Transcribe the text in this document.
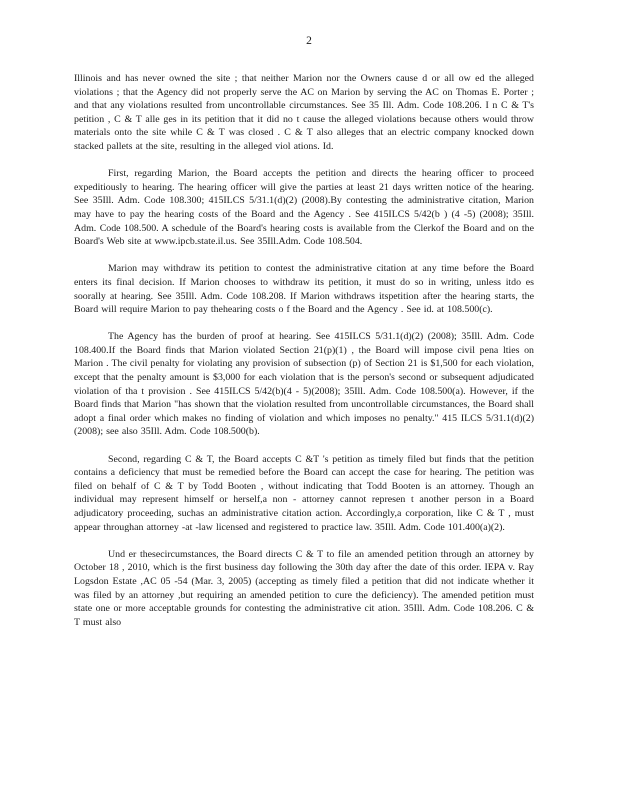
2

Illinois and has never owned the site ; that neither Marion nor the Owners cause d or all ow ed the alleged violations ; that the Agency did not properly serve the AC on Marion by serving the AC on Thomas E. Porter ; and that any violations resulted from uncontrollable circumstances. See 35 Ill. Adm. Code 108.206. I n C & T's petition , C & T alle ges in its petition that it did no t cause the alleged violations because others would throw materials onto the site while C & T was closed . C & T also alleges that an electric company knocked down stacked pallets at the site, resulting in the alleged viol ations. Id.

First, regarding Marion, the Board accepts the petition and directs the hearing officer to proceed expeditiously to hearing. The hearing officer will give the parties at least 21 days written notice of the hearing. See 35Ill. Adm. Code 108.300; 415ILCS 5/31.1(d)(2) (2008).By contesting the administrative citation, Marion may have to pay the hearing costs of the Board and the Agency . See 415ILCS 5/42(b ) (4 -5) (2008); 35Ill. Adm. Code 108.500. A schedule of the Board's hearing costs is available from the Clerkof the Board and on the Board's Web site at www.ipcb.state.il.us. See 35Ill.Adm. Code 108.504.

Marion may withdraw its petition to contest the administrative citation at any time before the Board enters its final decision. If Marion chooses to withdraw its petition, it must do so in writing, unless itdo es soorally at hearing. See 35Ill. Adm. Code 108.208. If Marion withdraws itspetition after the hearing starts, the Board will require Marion to pay thehearing costs o f the Board and the Agency . See id. at 108.500(c).

The Agency has the burden of proof at hearing. See 415ILCS 5/31.1(d)(2) (2008); 35Ill. Adm. Code 108.400.If the Board finds that Marion violated Section 21(p)(1) , the Board will impose civil pena lties on Marion . The civil penalty for violating any provision of subsection (p) of Section 21 is $1,500 for each violation, except that the penalty amount is $3,000 for each violation that is the person's second or subsequent adjudicated violation of tha t provision . See 415ILCS 5/42(b)(4 - 5)(2008); 35Ill. Adm. Code 108.500(a). However, if the Board finds that Marion "has shown that the violation resulted from uncontrollable circumstances, the Board shall adopt a final order which makes no finding of violation and which imposes no penalty." 415 ILCS 5/31.1(d)(2) (2008); see also 35Ill. Adm. Code 108.500(b).

Second, regarding C & T, the Board accepts C &T 's petition as timely filed but finds that the petition contains a deficiency that must be remedied before the Board can accept the case for hearing. The petition was filed on behalf of C & T by Todd Booten , without indicating that Todd Booten is an attorney. Though an individual may represent himself or herself,a non - attorney cannot represen t another person in a Board adjudicatory proceeding, suchas an administrative citation action. Accordingly,a corporation, like C & T , must appear throughan attorney -at -law licensed and registered to practice law. 35Ill. Adm. Code 101.400(a)(2).

Und er thesecircumstances, the Board directs C & T to file an amended petition through an attorney by October 18 , 2010, which is the first business day following the 30th day after the date of this order. IEPA v. Ray Logsdon Estate ,AC 05 -54 (Mar. 3, 2005) (accepting as timely filed a petition that did not indicate whether it was filed by an attorney ,but requiring an amended petition to cure the deficiency). The amended petition must state one or more acceptable grounds for contesting the administrative cit ation. 35Ill. Adm. Code 108.206. C & T must also
